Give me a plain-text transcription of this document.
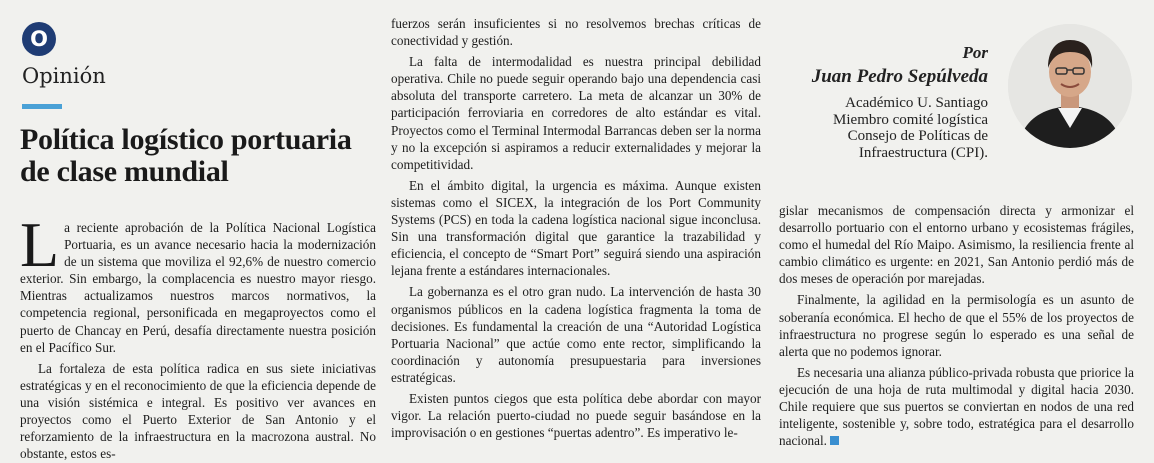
O
Opinión
Política logístico portuaria
de clase mundial

La reciente aprobación de la Política Nacional Logística Portuaria, es un avance necesario hacia la modernización de un sistema que moviliza el 92,6% de nuestro comercio exterior. Sin embargo, la complacencia es nuestro mayor riesgo. Mientras actualizamos nuestros marcos normativos, la competencia regional, personificada en megaproyectos como el puerto de Chancay en Perú, desafía directamente nuestra posición en el Pacífico Sur.

La fortaleza de esta política radica en sus siete iniciativas estratégicas y en el reconocimiento de que la eficiencia depende de una visión sistémica e integral. Es positivo ver avances en proyectos como el Puerto Exterior de San Antonio y el reforzamiento de la infraestructura en la macrozona austral. No obstante, estos es-

fuerzos serán insuficientes si no resolvemos brechas críticas de conectividad y gestión.

La falta de intermodalidad es nuestra principal debilidad operativa. Chile no puede seguir operando bajo una dependencia casi absoluta del transporte carretero. La meta de alcanzar un 30% de participación ferroviaria en corredores de alto estándar es vital. Proyectos como el Terminal Intermodal Barrancas deben ser la norma y no la excepción si aspiramos a reducir externalidades y mejorar la competitividad.

En el ámbito digital, la urgencia es máxima. Aunque existen sistemas como el SICEX, la integración de los Port Community Systems (PCS) en toda la cadena logística nacional sigue inconclusa. Sin una transformación digital que garantice la trazabilidad y eficiencia, el concepto de “Smart Port” seguirá siendo una aspiración lejana frente a estándares internacionales.

La gobernanza es el otro gran nudo. La intervención de hasta 30 organismos públicos en la cadena logística fragmenta la toma de decisiones. Es fundamental la creación de una “Autoridad Logística Portuaria Nacional” que actúe como ente rector, simplificando la coordinación y autonomía presupuestaria para inversiones estratégicas.

Existen puntos ciegos que esta política debe abordar con mayor vigor. La relación puerto-ciudad no puede seguir basándose en la improvisación o en gestiones “puertas adentro”. Es imperativo le-

gislar mecanismos de compensación directa y armonizar el desarrollo portuario con el entorno urbano y ecosistemas frágiles, como el humedal del Río Maipo. Asimismo, la resiliencia frente al cambio climático es urgente: en 2021, San Antonio perdió más de dos meses de operación por marejadas.

Finalmente, la agilidad en la permisología es un asunto de soberanía económica. El hecho de que el 55% de los proyectos de infraestructura no progrese según lo esperado es una señal de alerta que no podemos ignorar.

Es necesaria una alianza público-privada robusta que priorice la ejecución de una hoja de ruta multimodal y digital hacia 2030. Chile requiere que sus puertos se conviertan en nodos de una red inteligente, sostenible y, sobre todo, estratégica para el desarrollo nacional.

Por
Juan Pedro Sepúlveda
Académico U. Santiago
Miembro comité logística
Consejo de Políticas de
Infraestructura (CPI).
